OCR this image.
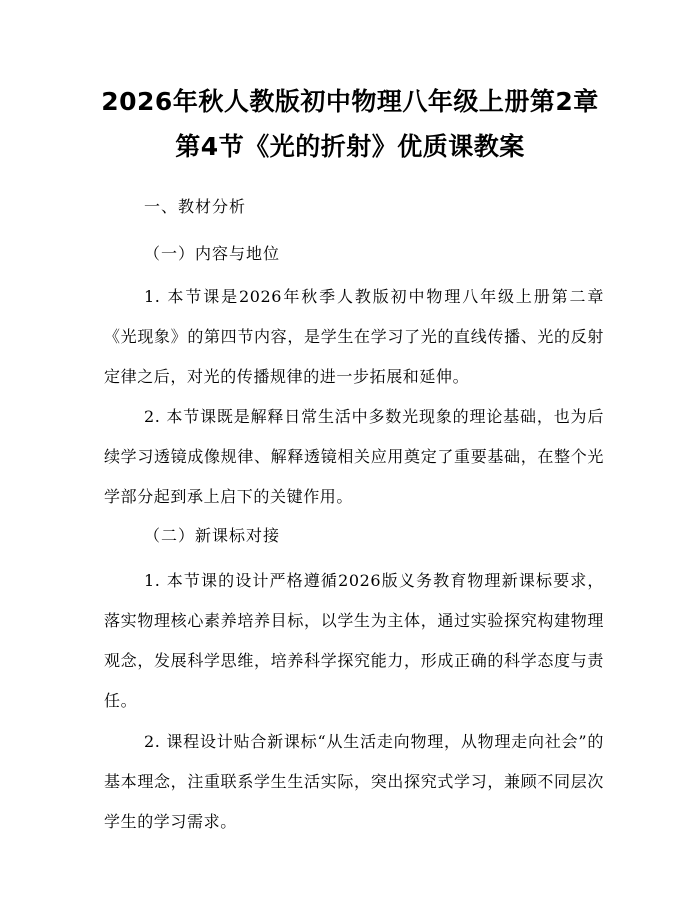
2026年秋人教版初中物理八年级上册第2章
第4节《光的折射》优质课教案
一、教材分析
（一）内容与地位
1. 本节课是2026年秋季人教版初中物理八年级上册第二章《光现象》的第四节内容，是学生在学习了光的直线传播、光的反射定律之后，对光的传播规律的进一步拓展和延伸。
2. 本节课既是解释日常生活中多数光现象的理论基础，也为后续学习透镜成像规律、解释透镜相关应用奠定了重要基础，在整个光学部分起到承上启下的关键作用。
（二）新课标对接
1. 本节课的设计严格遵循2026版义务教育物理新课标要求，落实物理核心素养培养目标，以学生为主体，通过实验探究构建物理观念，发展科学思维，培养科学探究能力，形成正确的科学态度与责任。
2. 课程设计贴合新课标“从生活走向物理，从物理走向社会”的基本理念，注重联系学生生活实际，突出探究式学习，兼顾不同层次学生的学习需求。
